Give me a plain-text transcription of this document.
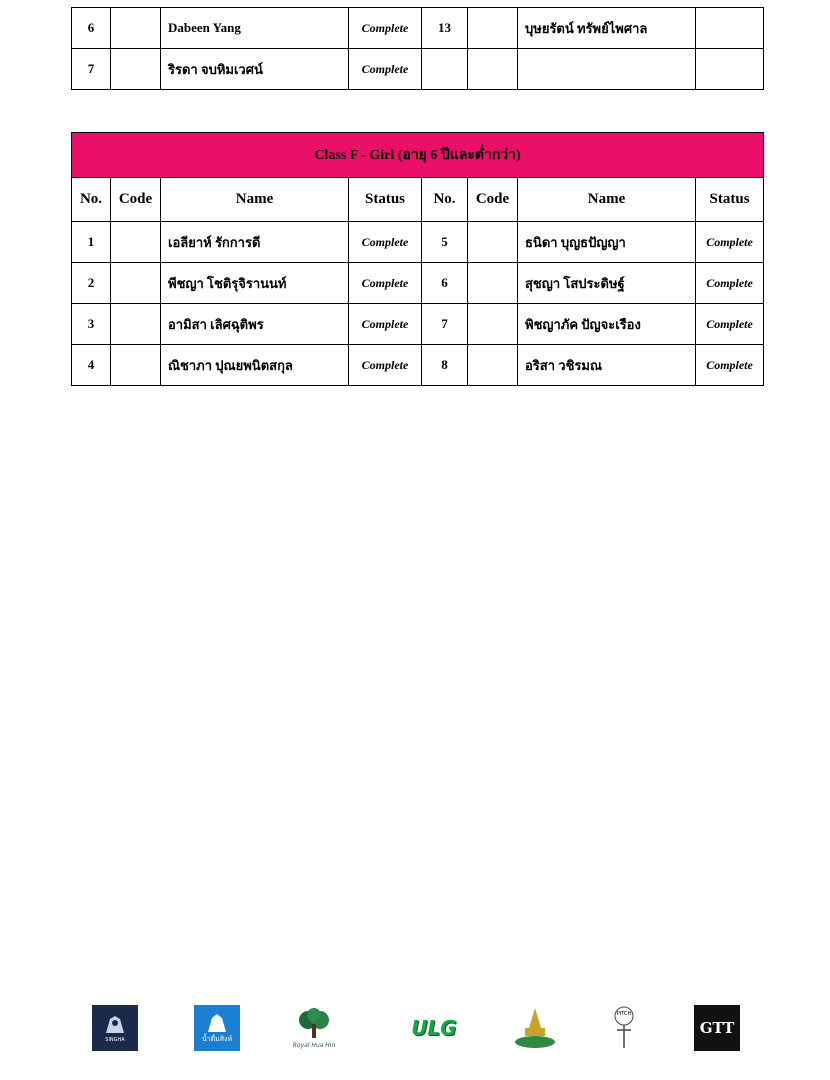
6		Dabeen Yang	Complete	13		บุษยรัตน์ ทรัพย์ไพศาล	
7		ริรดา จบหิมเวศน์	Complete				
Class F - Girl (อายุ 6 ปีและต่ำกว่า)							
No.	Code	Name	Status	No.	Code	Name	Status
1		เอลียาห์ รักการดี	Complete	5		ธนิดา บุญธปัญญา	Complete
2		พีชญา โชติรุจิรานนท์	Complete	6		สุชญา โสประดิษฐ์	Complete
3		อามิสา เลิศฉุติพร	Complete	7		พิชญาภัค ปัญจะเรือง	Complete
4		ณิชาภา ปุณยพนิตสกุล	Complete	8		อริสา วชิรมณ	Complete
SINGHA	น้ำดื่มสิงห์
Royal Hua Hin
ULG
PITCH
GTT
